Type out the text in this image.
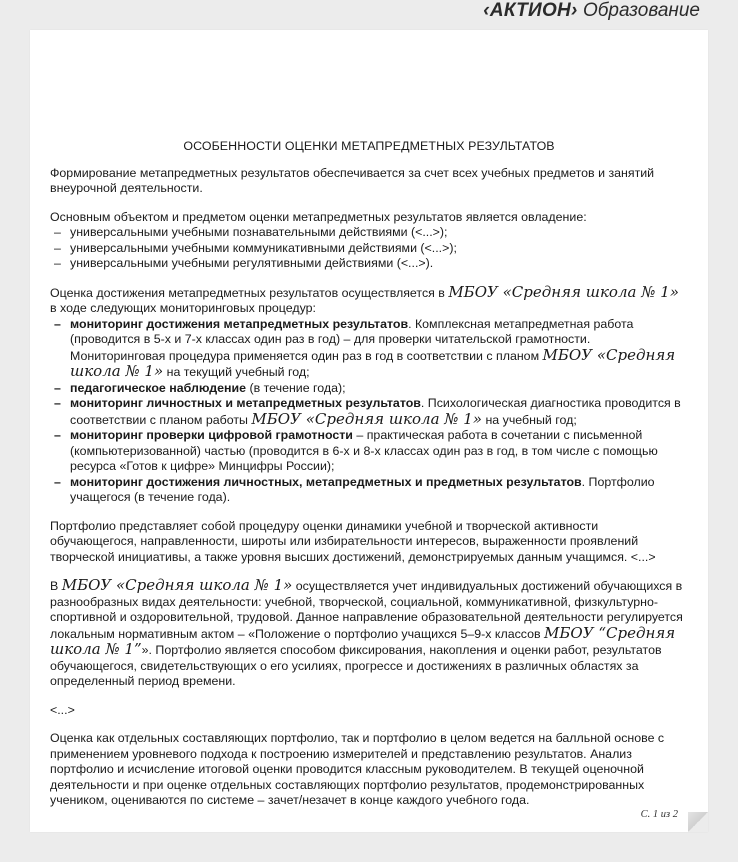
‹АКТИОН› Образование
ОСОБЕННОСТИ ОЦЕНКИ МЕТАПРЕДМЕТНЫХ РЕЗУЛЬТАТОВ

Формирование метапредметных результатов обеспечивается за счет всех учебных предметов и занятий внеурочной деятельности.

Основным объектом и предметом оценки метапредметных результатов является овладение:

– универсальными учебными познавательными действиями (<...>);
– универсальными учебными коммуникативными действиями (<...>);
– универсальными учебными регулятивными действиями (<...>).

Оценка достижения метапредметных результатов осуществляется в МБОУ «Средняя школа № 1» в ходе следующих мониторинговых процедур:

– мониторинг достижения метапредметных результатов. Комплексная метапредметная работа (проводится в 5-х и 7-х классах один раз в год) – для проверки читательской грамотности. Мониторинговая процедура применяется один раз в год в соответствии с планом МБОУ «Средняя школа № 1» на текущий учебный год;
– педагогическое наблюдение (в течение года);
– мониторинг личностных и метапредметных результатов. Психологическая диагностика проводится в соответствии с планом работы МБОУ «Средняя школа № 1» на учебный год;
– мониторинг проверки цифровой грамотности – практическая работа в сочетании с письменной (компьютеризованной) частью (проводится в 6-х и 8-х классах один раз в год, в том числе с помощью ресурса «Готов к цифре» Минцифры России);
– мониторинг достижения личностных, метапредметных и предметных результатов. Портфолио учащегося (в течение года).

Портфолио представляет собой процедуру оценки динамики учебной и творческой активности обучающегося, направленности, широты или избирательности интересов, выраженности проявлений творческой инициативы, а также уровня высших достижений, демонстрируемых данным учащимся. <...>

В МБОУ «Средняя школа № 1» осуществляется учет индивидуальных достижений обучающихся в разнообразных видах деятельности: учебной, творческой, социальной, коммуникативной, физкультурно-спортивной и оздоровительной, трудовой. Данное направление образовательной деятельности регулируется локальным нормативным актом – «Положение о портфолио учащихся 5–9-х классов МБОУ “Средняя школа № 1”». Портфолио является способом фиксирования, накопления и оценки работ, результатов обучающегося, свидетельствующих о его усилиях, прогрессе и достижениях в различных областях за определенный период времени.

<...>

Оценка как отдельных составляющих портфолио, так и портфолио в целом ведется на балльной основе с применением уровневого подхода к построению измерителей и представлению результатов. Анализ портфолио и исчисление итоговой оценки проводится классным руководителем. В текущей оценочной деятельности и при оценке отдельных составляющих портфолио результатов, продемонстрированных учеником, оцениваются по системе – зачет/незачет в конце каждого учебного года.

С. 1 из 2
